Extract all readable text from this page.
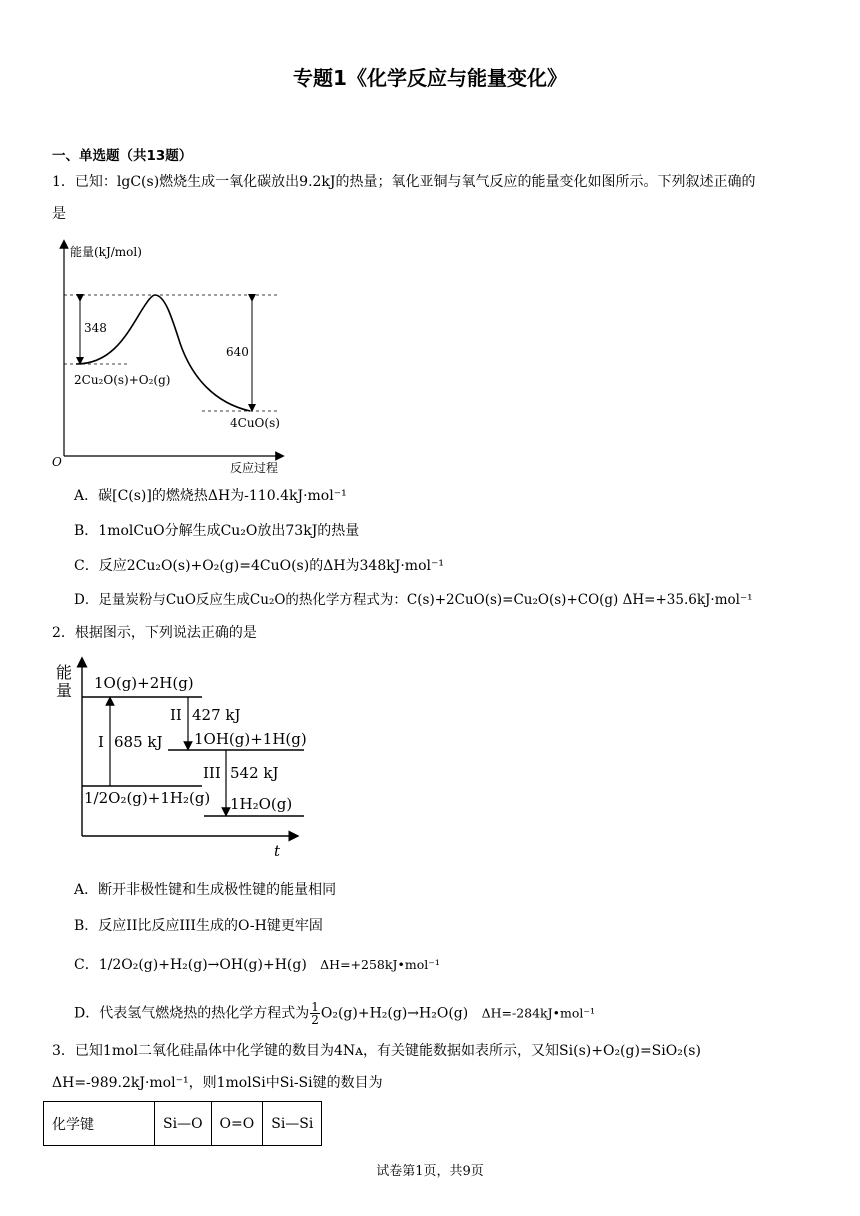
专题1《化学反应与能量变化》
一、单选题（共13题）
1．已知：lgC(s)燃烧生成一氧化碳放出9.2kJ的热量；氧化亚铜与氧气反应的能量变化如图所示。下列叙述正确的
是
能量(kJ/mol)
O	反应过程
348
640
2Cu₂O(s)+O₂(g)
4CuO(s)
A．碳[C(s)]的燃烧热ΔH为-110.4kJ·mol⁻¹
B．1molCuO分解生成Cu₂O放出73kJ的热量
C．反应2Cu₂O(s)+O₂(g)=4CuO(s)的ΔH为348kJ·mol⁻¹
D．足量炭粉与CuO反应生成Cu₂O的热化学方程式为：C(s)+2CuO(s)=Cu₂O(s)+CO(g) ΔH=+35.6kJ·mol⁻¹
2．根据图示，下列说法正确的是
能
量
t
1O(g)+2H(g)
1OH(g)+1H(g)
1/2O₂(g)+1H₂(g) 1H₂O(g)
I 685 kJ
II 427 kJ
III 542 kJ
A．断开非极性键和生成极性键的能量相同
B．反应II比反应III生成的O-H键更牢固
C．1/2O₂(g)+H₂(g)→OH(g)+H(g) ΔH=+258kJ•mol⁻¹
D．代表氢气燃烧热的热化学方程式为 $\frac{1}{2} O_2(g)+H_2(g)\to H_2O(g)$ ΔH=-284kJ•mol⁻¹
3．已知1mol二氧化硅晶体中化学键的数目为4Nᴀ，有关键能数据如表所示，又知Si(s)+O₂(g)=SiO₂(s)
ΔH=-989.2kJ·mol⁻¹，则1molSi中Si-Si键的数目为
化学键	Si—O	O=O	Si—Si
试卷第1页，共9页
